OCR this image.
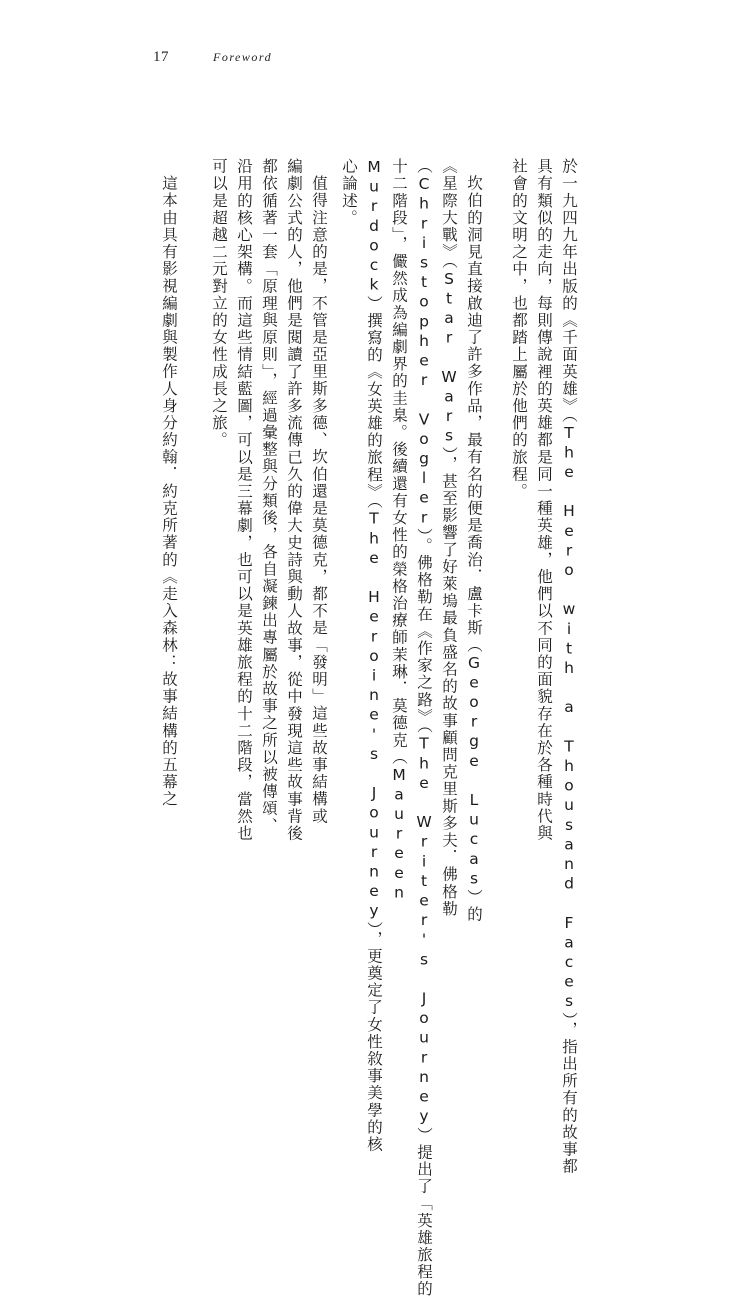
17	Foreword
於一九四九年出版的《千面英雄》（The Hero with a Thousand Faces），指出所有的故事都
具有類似的走向，每則傳說裡的英雄都是同一種英雄，他們以不同的面貌存在於各種時代與
社會的文明之中，也都踏上屬於他們的旅程。
坎伯的洞見直接啟迪了許多作品，最有名的便是喬治．盧卡斯（George Lucas）的
《星際大戰》（Star Wars），甚至影響了好萊塢最負盛名的故事顧問克里斯多夫．佛格勒
（Christopher Vogler）。佛格勒在《作家之路》（The Writer's Journey）提出了「英雄旅程的
十二階段」，儼然成為編劇界的圭臬。後續還有女性的榮格治療師茉琳．莫德克（Maureen
Murdock）撰寫的《女英雄的旅程》（The Heroine's Journey），更奠定了女性敘事美學的核
心論述。
值得注意的是，不管是亞里斯多德、坎伯還是莫德克，都不是「發明」這些故事結構或
編劇公式的人，他們是閱讀了許多流傳已久的偉大史詩與動人故事，從中發現這些故事背後
都依循著一套「原理與原則」，經過彙整與分類後，各自凝鍊出專屬於故事之所以被傳頌、
沿用的核心架構。而這些情結藍圖，可以是三幕劇，也可以是英雄旅程的十二階段，當然也
可以是超越二元對立的女性成長之旅。
這本由具有影視編劇與製作人身分約翰．約克所著的《走入森林：故事結構的五幕之
